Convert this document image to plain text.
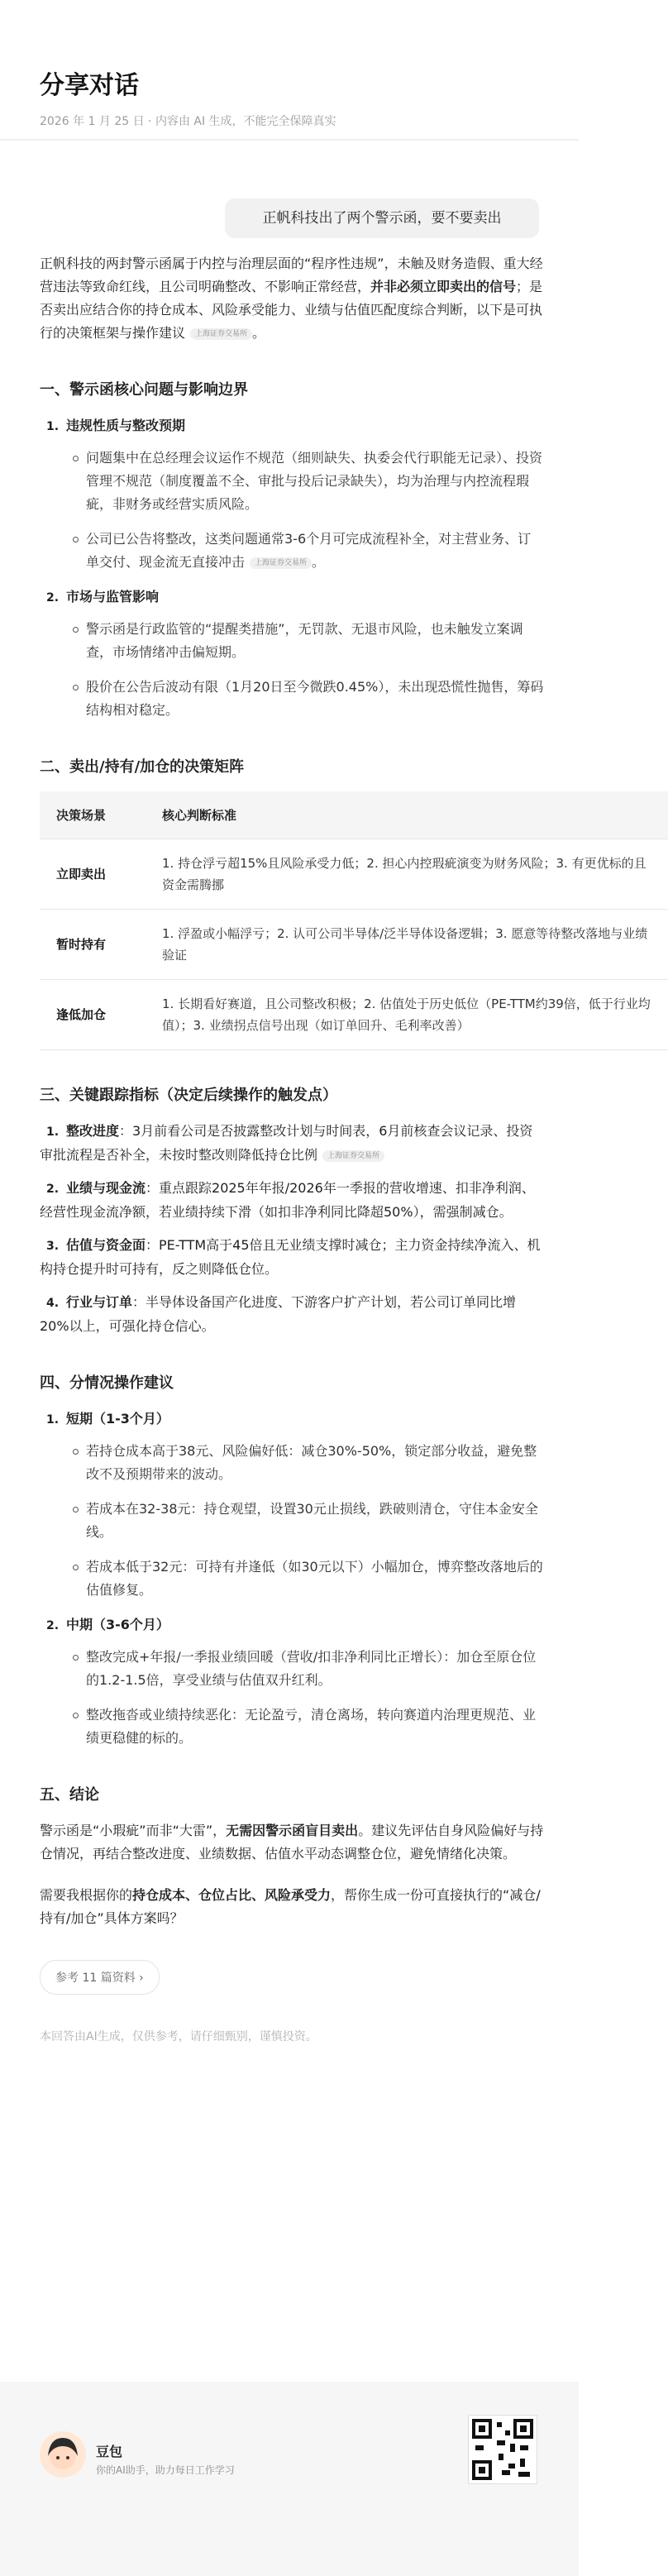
分享对话
2026 年 1 月 25 日 · 内容由 AI 生成，不能完全保障真实
正帆科技出了两个警示函，要不要卖出

正帆科技的两封警示函属于内控与治理层面的“程序性违规”，未触及财务造假、重大经营违法等致命红线，且公司明确整改、不影响正常经营，并非必须立即卖出的信号；是否卖出应结合你的持仓成本、风险承受能力、业绩与估值匹配度综合判断，以下是可执行的决策框架与操作建议 上海证券交易所 。

一、警示函核心问题与影响边界
1. 违规性质与整改预期
问题集中在总经理会议运作不规范（细则缺失、执委会代行职能无记录）、投资管理不规范（制度覆盖不全、审批与投后记录缺失），均为治理与内控流程瑕疵，非财务或经营实质风险。
公司已公告将整改，这类问题通常3-6个月可完成流程补全，对主营业务、订单交付、现金流无直接冲击 上海证券交易所 。
2. 市场与监管影响
警示函是行政监管的“提醒类措施”，无罚款、无退市风险，也未触发立案调查，市场情绪冲击偏短期。
股价在公告后波动有限（1月20日至今微跌0.45%），未出现恐慌性抛售，筹码结构相对稳定。
二、卖出/持有/加仓的决策矩阵
决策场景	核心判断标准
立即卖出	1. 持仓浮亏超15%且风险承受力低；2. 担心内控瑕疵演变为财务风险；3. 有更优标的且资金需腾挪
暂时持有	1. 浮盈或小幅浮亏；2. 认可公司半导体/泛半导体设备逻辑；3. 愿意等待整改落地与业绩验证
逢低加仓	1. 长期看好赛道，且公司整改积极；2. 估值处于历史低位（PE-TTM约39倍，低于行业均值）；3. 业绩拐点信号出现（如订单回升、毛利率改善）
三、关键跟踪指标（决定后续操作的触发点）
1. 整改进度：3月前看公司是否披露整改计划与时间表，6月前核查会议记录、投资审批流程是否补全，未按时整改则降低持仓比例 上海证券交易所
2. 业绩与现金流：重点跟踪2025年年报/2026年一季报的营收增速、扣非净利润、经营性现金流净额，若业绩持续下滑（如扣非净利同比降超50%），需强制减仓。
3. 估值与资金面：PE-TTM高于45倍且无业绩支撑时减仓；主力资金持续净流入、机构持仓提升时可持有，反之则降低仓位。
4. 行业与订单：半导体设备国产化进度、下游客户扩产计划，若公司订单同比增20%以上，可强化持仓信心。
四、分情况操作建议
1. 短期（1-3个月）
若持仓成本高于38元、风险偏好低：减仓30%-50%，锁定部分收益，避免整改不及预期带来的波动。
若成本在32-38元：持仓观望，设置30元止损线，跌破则清仓，守住本金安全线。
若成本低于32元：可持有并逢低（如30元以下）小幅加仓，博弈整改落地后的估值修复。
2. 中期（3-6个月）
整改完成+年报/一季报业绩回暖（营收/扣非净利同比正增长）：加仓至原仓位的1.2-1.5倍，享受业绩与估值双升红利。
整改拖沓或业绩持续恶化：无论盈亏，清仓离场，转向赛道内治理更规范、业绩更稳健的标的。
五、结论

警示函是“小瑕疵”而非“大雷”，无需因警示函盲目卖出。建议先评估自身风险偏好与持仓情况，再结合整改进度、业绩数据、估值水平动态调整仓位，避免情绪化决策。

需要我根据你的持仓成本、仓位占比、风险承受力，帮你生成一份可直接执行的“减仓/持有/加仓”具体方案吗？

参考 11 篇资料 ›
本回答由AI生成，仅供参考，请仔细甄别，谨慎投资。
豆包
你的AI助手，助力每日工作学习
